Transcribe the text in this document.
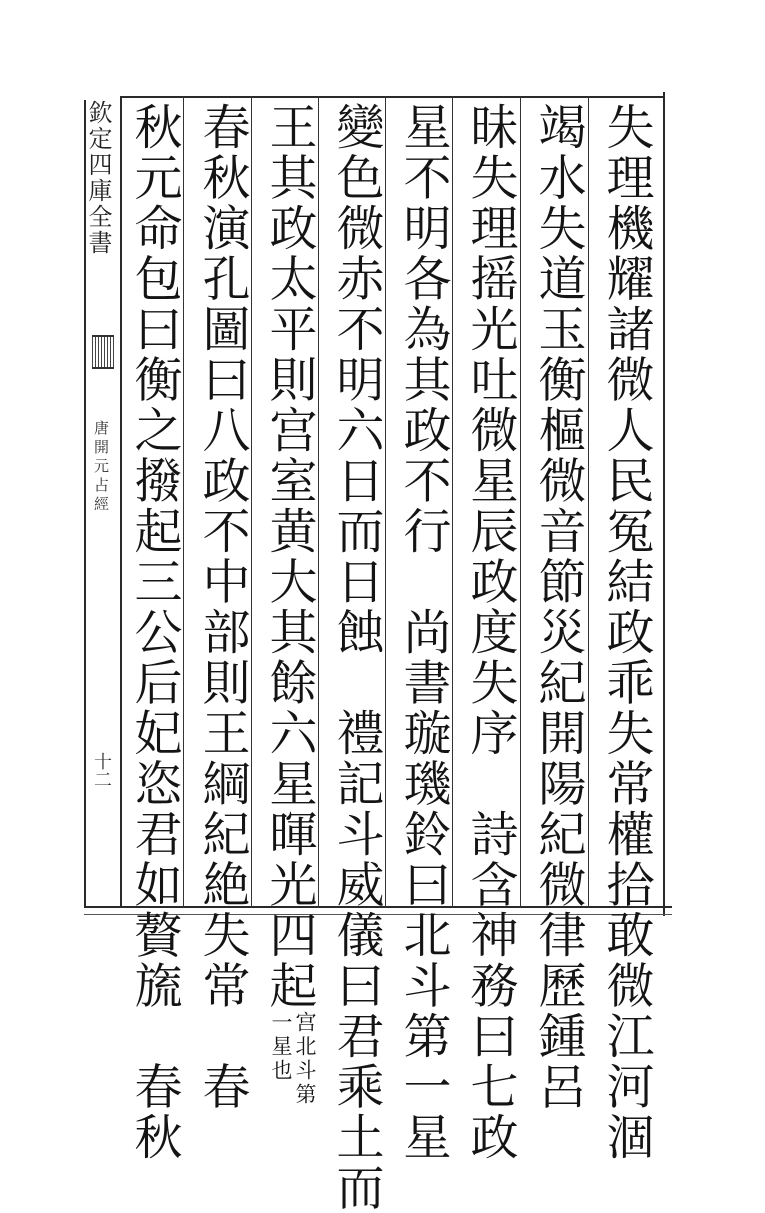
欽定四庫全書
唐開元占經
十二	失理機耀諸微人民冤結政乖失常權拾敢微江河涸
竭水失道玉衡樞微音節災紀開陽紀微律歷鍾呂
昧失理摇光吐微星辰政度失序　詩含神務曰七政
星不明各為其政不行　尚書璇璣鈴曰北斗第一星
變色微赤不明六日而日蝕　禮記斗威儀曰君乘土而
王其政太平則宫室黄大其餘六星暉光四起宫北斗第一星也
春秋演孔圖曰八政不中部則王綱紀絶失常　春
秋元命包曰衡之撥起三公后妃恣君如贅旒　春秋
